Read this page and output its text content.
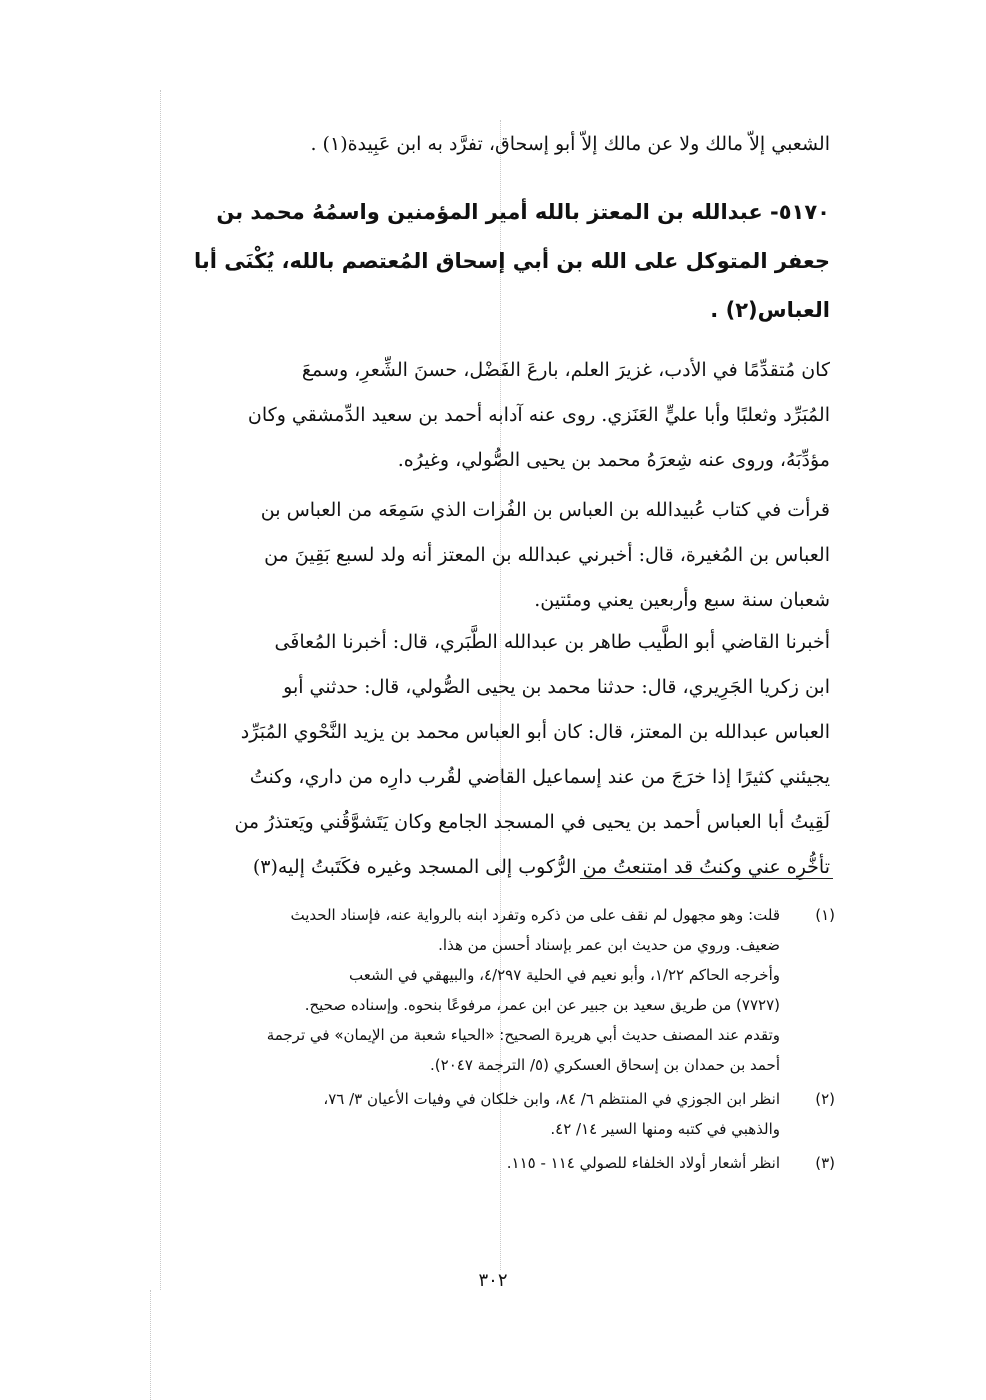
الشعبي إلاّ مالك ولا عن مالك إلاّ أبو إسحاق، تفرَّد به ابن عَبِيدة(١) .
٥١٧٠- عبدالله بن المعتز بالله أمير المؤمنين واسمُهُ محمد بن
جعفر المتوكل على الله بن أبي إسحاق المُعتصم بالله، يُكْنَى أبا
العباس(٢) .
كان مُتقدِّمًا في الأدب، غزيرَ العلم، بارعَ الفَضْل، حسنَ الشِّعرِ، وسمعَ
المُبَرِّد وثعلبًا وأبا عليٍّ العَنَزي. روى عنه آدابه أحمد بن سعيد الدِّمشقي وكان
مؤدِّبَهُ، وروى عنه شِعرَهُ محمد بن يحيى الصُّولي، وغيرُه.
قرأت في كتاب عُبيدالله بن العباس بن الفُرات الذي سَمِعَه من العباس بن
العباس بن المُغيرة، قال: أخبرني عبدالله بن المعتز أنه ولد لسبع بَقِينَ من
شعبان سنة سبع وأربعين يعني ومئتين.
أخبرنا القاضي أبو الطَّيب طاهر بن عبدالله الطَّبَري، قال: أخبرنا المُعافَى
ابن زكريا الجَرِيري، قال: حدثنا محمد بن يحيى الصُّولي، قال: حدثني أبو
العباس عبدالله بن المعتز، قال: كان أبو العباس محمد بن يزيد النَّحْوي المُبَرِّد
يجيئني كثيرًا إذا خرَجَ من عند إسماعيل القاضي لقُرب دارِه من داري، وكنتُ
لَقِيتُ أبا العباس أحمد بن يحيى في المسجد الجامع وكان يَتَشوَّقُني ويَعتذرُ من
تأخُّرِه عني وكنتُ قد امتنعتُ من الرُّكوب إلى المسجد وغيره فكَتَبتُ إليه(٣)
(١)
قلت: وهو مجهول لم نقف على من ذكره وتفرد ابنه بالرواية عنه، فإسناد الحديث
ضعيف. وروي من حديث ابن عمر بإسناد أحسن من هذا.
وأخرجه الحاكم ١/٢٢، وأبو نعيم في الحلية ٤/٢٩٧، والبيهقي في الشعب
(٧٧٢٧) من طريق سعيد بن جبير عن ابن عمر، مرفوعًا بنحوه. وإسناده صحيح.
وتقدم عند المصنف حديث أبي هريرة الصحيح: «الحياء شعبة من الإيمان» في ترجمة
أحمد بن حمدان بن إسحاق العسكري (٥/ الترجمة ٢٠٤٧).
(٢)
انظر ابن الجوزي في المنتظم ٦/ ٨٤، وابن خلكان في وفيات الأعيان ٣/ ٧٦،
والذهبي في كتبه ومنها السير ١٤/ ٤٢.
(٣)
انظر أشعار أولاد الخلفاء للصولي ١١٤ - ١١٥.
٣٠٢
